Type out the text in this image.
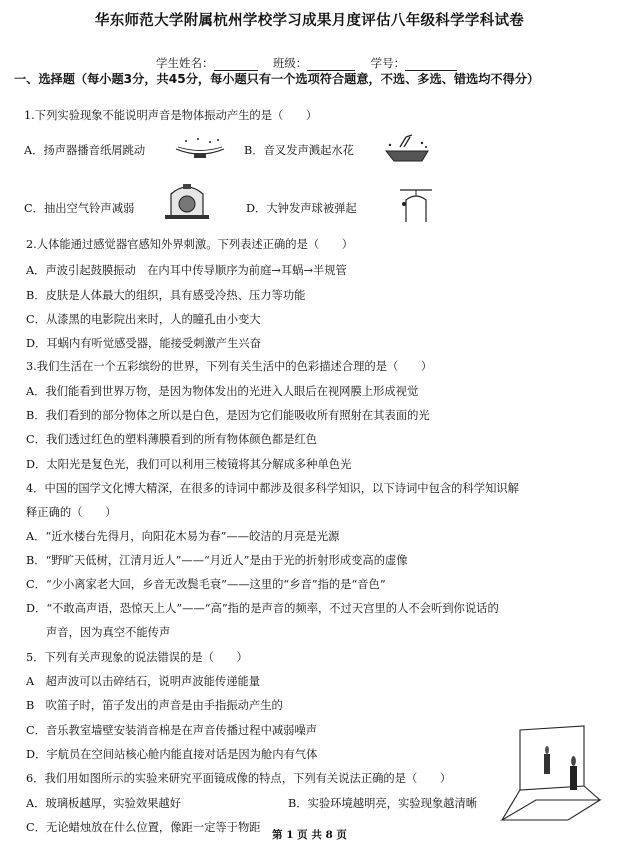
华东师范大学附属杭州学校学习成果月度评估八年级科学学科试卷
学生姓名：	班级：	学号：
一、选择题（每小题3分，共45分，每小题只有一个选项符合题意，不选、多选、错选均不得分）
1.下列实验现象不能说明声音是物体振动产生的是（　　）
A．扬声器播音纸屑跳动	B．音叉发声溅起水花
C．抽出空气铃声减弱	D．大钟发声球被弹起
2.人体能通过感觉器官感知外界刺激。下列表述正确的是（　　）
A．声波引起鼓膜振动　在内耳中传导顺序为前庭→耳蜗→半规管
B．皮肤是人体最大的组织，具有感受冷热、压力等功能
C．从漆黑的电影院出来时，人的瞳孔由小变大
D．耳蜗内有听觉感受器，能接受刺激产生兴奋
3.我们生活在一个五彩缤纷的世界，下列有关生活中的色彩描述合理的是（　　）
A．我们能看到世界万物，是因为物体发出的光进入人眼后在视网膜上形成视觉
B．我们看到的部分物体之所以是白色，是因为它们能吸收所有照射在其表面的光
C．我们透过红色的塑料薄膜看到的所有物体颜色都是红色
D．太阳光是复色光，我们可以利用三棱镜将其分解成多种单色光
4．中国的国学文化博大精深，在很多的诗词中都涉及很多科学知识，以下诗词中包含的科学知识解
释正确的（　　）
A．“近水楼台先得月，向阳花木易为春”——皎洁的月亮是光源
B．“野旷天低树，江清月近人”——“月近人”是由于光的折射形成变高的虚像
C．“少小离家老大回，乡音无改鬓毛衰”——这里的“乡音”指的是“音色”
D．“不敢高声语，恐惊天上人”——“高”指的是声音的频率，不过天宫里的人不会听到你说话的
声音，因为真空不能传声
5．下列有关声现象的说法错误的是（　　）
A　超声波可以击碎结石，说明声波能传递能量
B　吹笛子时，笛子发出的声音是由手指振动产生的
C．音乐教室墙壁安装消音棉是在声音传播过程中减弱噪声
D．宇航员在空间站核心舱内能直接对话是因为舱内有气体
6．我们用如图所示的实验来研究平面镜成像的特点，下列有关说法正确的是（　　）
A．玻璃板越厚，实验效果越好	B．实验环境越明亮，实验现象越清晰
C．无论蜡烛放在什么位置，像距一定等于物距
第 1 页 共 8 页
